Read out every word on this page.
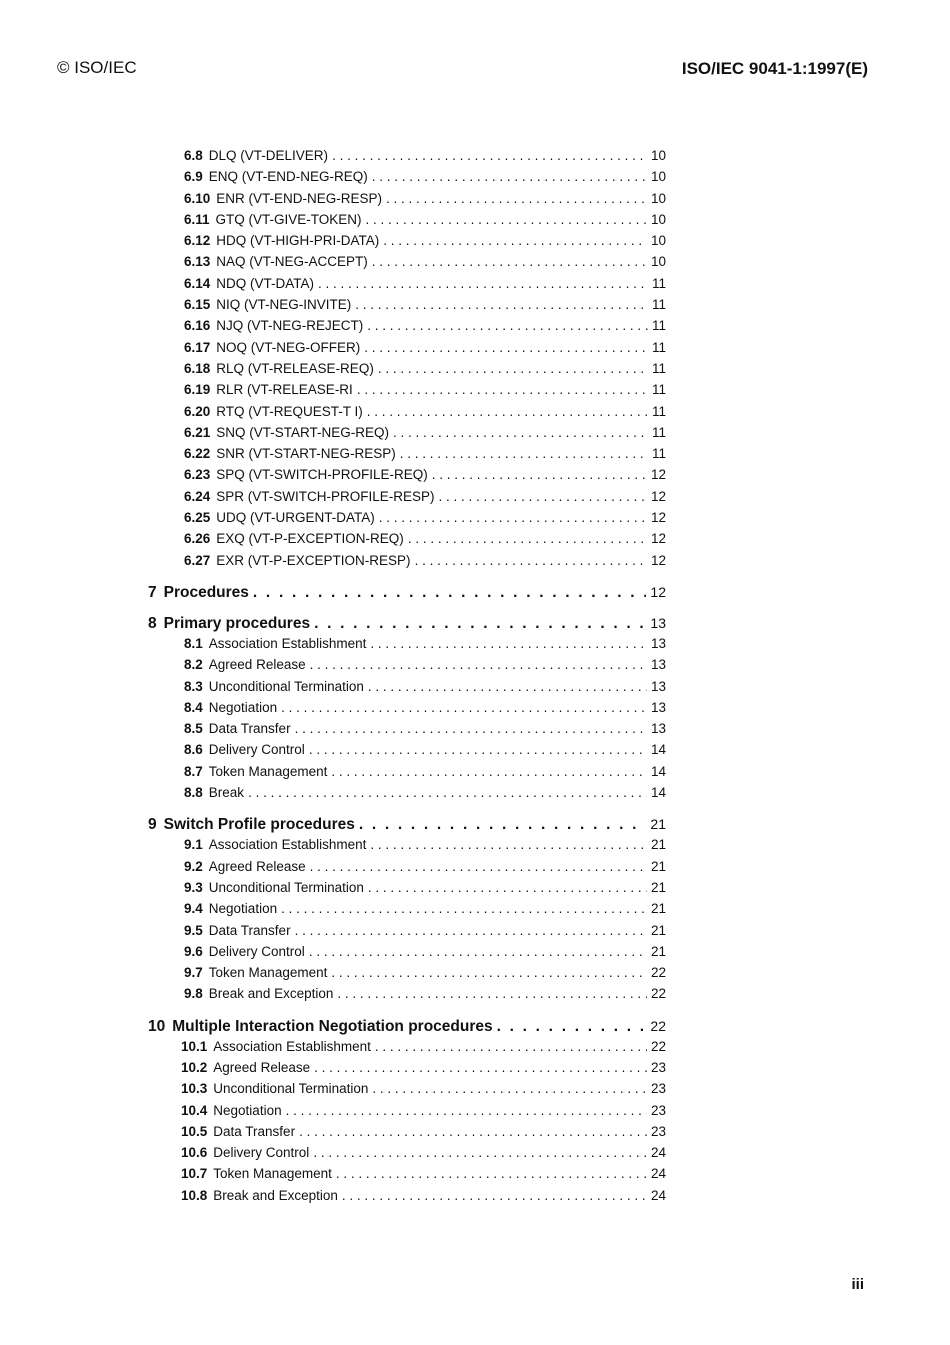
© ISO/IEC	ISO/IEC 9041-1:1997(E)
6.8 DLQ (VT-DELIVER) . . .	10
6.9 ENQ (VT-END-NEG-REQ) . . .	10
6.10 ENR (VT-END-NEG-RESP) . . .	10
6.11 GTQ (VT-GIVE-TOKEN) . . .	10
6.12 HDQ (VT-HIGH-PRI-DATA) . . .	10
6.13 NAQ (VT-NEG-ACCEPT) . . .	10
6.14 NDQ (VT-DATA) . . .	11
6.15 NIQ (VT-NEG-INVITE) . . .	11
6.16 NJQ (VT-NEG-REJECT) . . .	11
6.17 NOQ (VT-NEG-OFFER) . . .	11
6.18 RLQ (VT-RELEASE-REQ) . . .	11
6.19 RLR (VT-RELEASE-RI . . .	11
6.20 RTQ (VT-REQUEST-T I) . . .	11
6.21 SNQ (VT-START-NEG-REQ) . . .	11
6.22 SNR (VT-START-NEG-RESP) . . .	11
6.23 SPQ (VT-SWITCH-PROFILE-REQ) . . .	12
6.24 SPR (VT-SWITCH-PROFILE-RESP) . . .	12
6.25 UDQ (VT-URGENT-DATA) . . .	12
6.26 EXQ (VT-P-EXCEPTION-REQ) . . .	12
6.27 EXR (VT-P-EXCEPTION-RESP) . . .	12
7 Procedures . . .	12
8 Primary procedures . . .	13
8.1 Association Establishment . . .	13
8.2 Agreed Release . . .	13
8.3 Unconditional Termination . . .	13
8.4 Negotiation . . .	13
8.5 Data Transfer . . .	13
8.6 Delivery Control . . .	14
8.7 Token Management . . .	14
8.8 Break . . .	14
9 Switch Profile procedures . . .	21
9.1 Association Establishment . . .	21
9.2 Agreed Release . . .	21
9.3 Unconditional Termination . . .	21
9.4 Negotiation . . .	21
9.5 Data Transfer . . .	21
9.6 Delivery Control . . .	21
9.7 Token Management . . .	22
9.8 Break and Exception . . .	22
10 Multiple Interaction Negotiation procedures . . .	22
10.1 Association Establishment . . .	22
10.2 Agreed Release . . .	23
10.3 Unconditional Termination . . .	23
10.4 Negotiation . . .	23
10.5 Data Transfer . . .	23
10.6 Delivery Control . . .	24
10.7 Token Management . . .	24
10.8 Break and Exception . . .	24
iii
